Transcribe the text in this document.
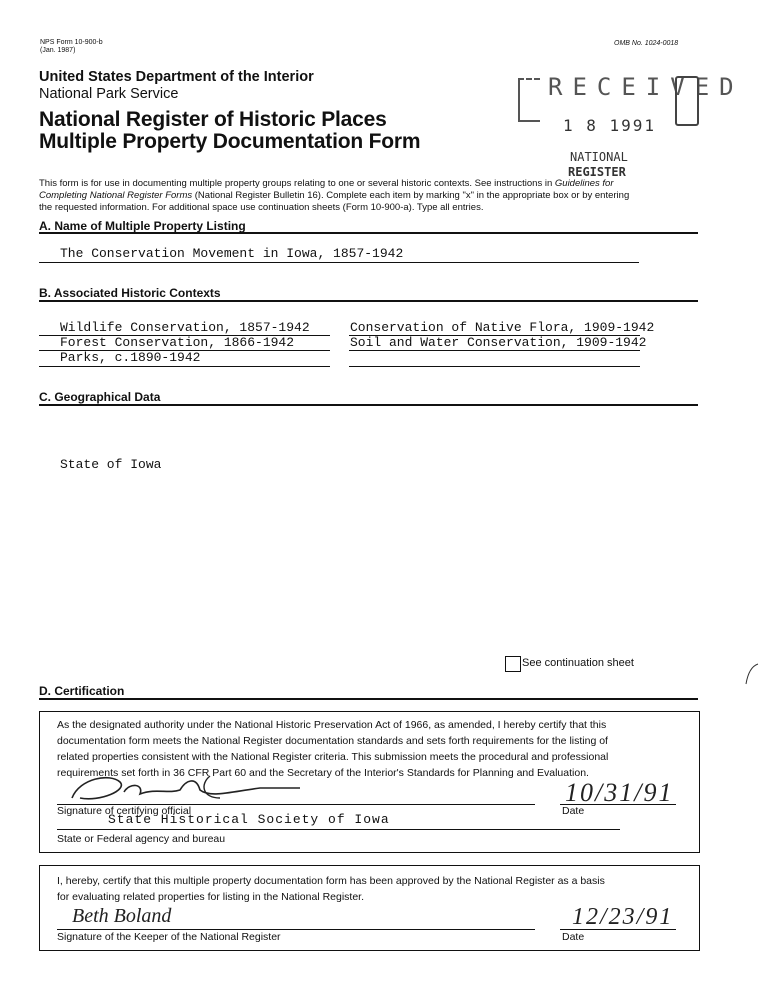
NPS Form 10-900-b
(Jan. 1987)
OMB No. 1024-0018
United States Department of the Interior
National Park Service
National Register of Historic Places
Multiple Property Documentation Form
RECEIVED
1 8 1991
NATIONAL
REGISTER
This form is for use in documenting multiple property groups relating to one or several historic contexts. See instructions in Guidelines for
Completing National Register Forms (National Register Bulletin 16). Complete each item by marking "x" in the appropriate box or by entering
the requested information. For additional space use continuation sheets (Form 10-900-a). Type all entries.
A. Name of Multiple Property Listing
The Conservation Movement in Iowa, 1857-1942
B. Associated Historic Contexts
Wildlife Conservation, 1857-1942
Forest Conservation, 1866-1942
Parks, c.1890-1942
Conservation of Native Flora, 1909-1942
Soil and Water Conservation, 1909-1942
C. Geographical Data
State of Iowa
See continuation sheet
D. Certification
As the designated authority under the National Historic Preservation Act of 1966, as amended, I hereby certify that this
documentation form meets the National Register documentation standards and sets forth requirements for the listing of
related properties consistent with the National Register criteria. This submission meets the procedural and professional
requirements set forth in 36 CFR Part 60 and the Secretary of the Interior's Standards for Planning and Evaluation.
Signature of certifying official
10/31/91
Date
State Historical Society of Iowa
State or Federal agency and bureau
I, hereby, certify that this multiple property documentation form has been approved by the National Register as a basis
for evaluating related properties for listing in the National Register.
Beth Boland
Signature of the Keeper of the National Register
12/23/91
Date
